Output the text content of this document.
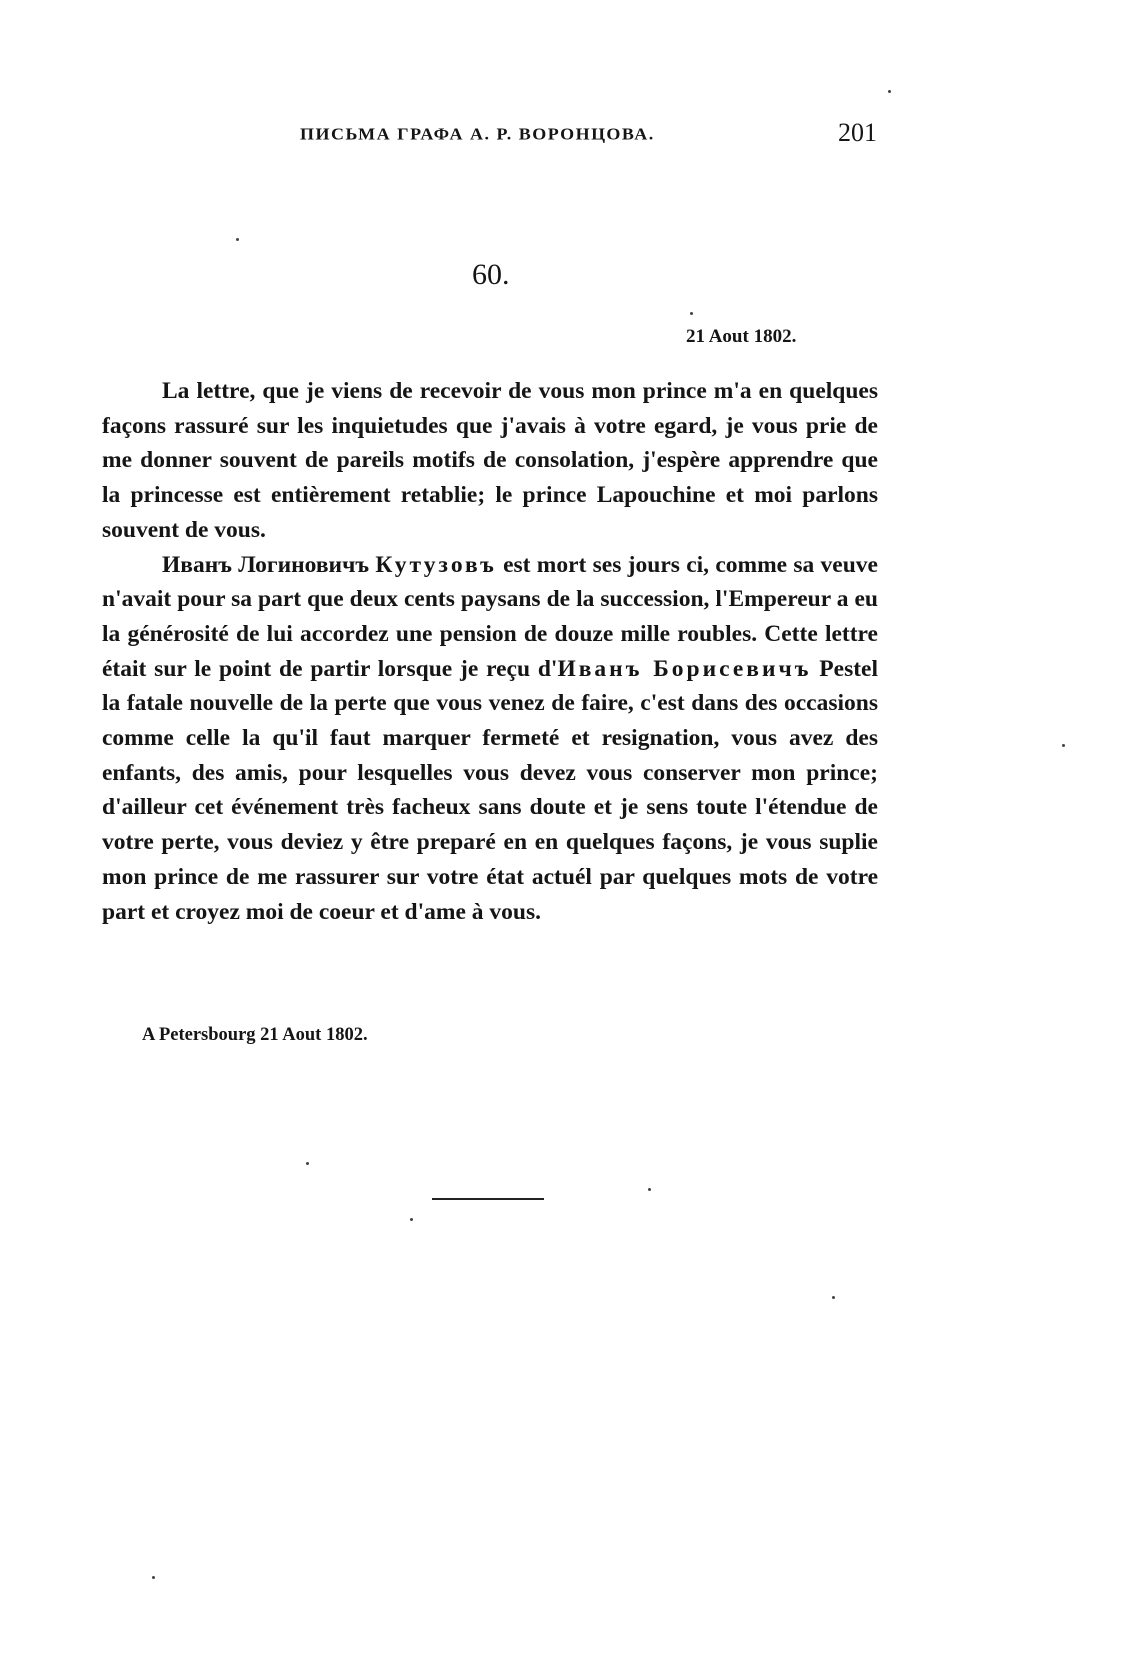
ПИСЬМА ГРАФА А. Р. ВОРОНЦОВА.	201
60.
21 Aout 1802.

La lettre, que je viens de recevoir de vous mon prince m'a en quelques façons rassuré sur les inquietudes que j'avais à votre egard, je vous prie de me donner souvent de pareils motifs de consolation, j'espère apprendre que la princesse est entièrement retablie; le prince Lapouchine et moi parlons souvent de vous.

Иванъ Логиновичъ Кутузовъ est mort ses jours ci, comme sa veuve n'avait pour sa part que deux cents paysans de la succession, l'Empereur a eu la générosité de lui accordez une pension de douze mille roubles. Cette lettre était sur le point de partir lorsque je reçu d'Иванъ Борисевичъ Pestel la fatale nouvelle de la perte que vous venez de faire, c'est dans des occasions comme celle la qu'il faut marquer fermeté et resignation, vous avez des enfants, des amis, pour lesquelles vous devez vous conserver mon prince; d'ailleur cet événement très facheux sans doute et je sens toute l'étendue de votre perte, vous deviez y être preparé en en quelques façons, je vous suplie mon prince de me rassurer sur votre état actuél par quelques mots de votre part et croyez moi de coeur et d'ame à vous.

A Petersbourg 21 Aout 1802.
